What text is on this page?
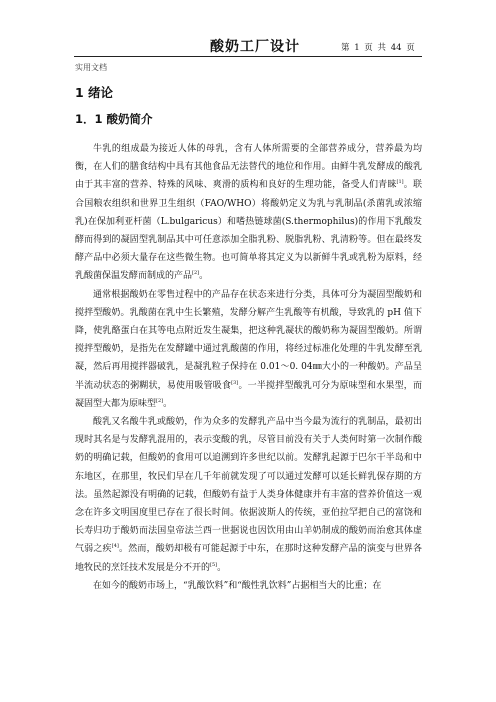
酸奶工厂设计	第 1 页 共 44 页
实用文档
1 绪论
1．1 酸奶简介

牛乳的组成最为接近人体的母乳，含有人体所需要的全部营养成分，营养最为均衡，在人们的膳食结构中具有其他食品无法替代的地位和作用。由鲜牛乳发酵成的酸乳由于其丰富的营养、特殊的风味、爽滑的质构和良好的生理功能，备受人们青睐[1]。联合国粮农组织和世界卫生组织（FAO/WHO）将酸奶定义为乳与乳制品(杀菌乳或浓缩乳)在保加利亚杆菌（L.bulgaricus）和嗜热链球菌(S.thermophilus)的作用下乳酸发酵而得到的凝固型乳制品其中可任意添加全脂乳粉、脱脂乳粉、乳清粉等。但在最终发酵产品中必须大量存在这些微生物。也可简单将其定义为以新鲜牛乳或乳粉为原料，经乳酸菌保温发酵而制成的产品[2]。

通常根据酸奶在零售过程中的产品存在状态来进行分类，具体可分为凝固型酸奶和搅拌型酸奶。乳酸菌在乳中生长繁殖，发酵分解产生乳酸等有机酸，导致乳的 pH 值下降，使乳酪蛋白在其等电点附近发生凝集，把这种乳凝状的酸奶称为凝固型酸奶。所谓搅拌型酸奶，是指先在发酵罐中通过乳酸菌的作用，将经过标准化处理的牛乳发酵至乳凝，然后再用搅拌器破乳，是凝乳粒子保持在 0.01～0. 04㎜大小的一种酸奶。产品呈半流动状态的粥糊状，易使用吸管吸食[3]。一半搅拌型酸乳可分为原味型和水果型，而凝固型大都为原味型[2]。

酸乳又名酸牛乳或酸奶，作为众多的发酵乳产品中当今最为流行的乳制品，最初出现时其名是与发酵乳混用的，表示变酸的乳，尽管目前没有关于人类何时第一次制作酸奶的明确记载，但酸奶的食用可以追溯到许多世纪以前。发酵乳起源于巴尔干半岛和中东地区，在那里，牧民们早在几千年前就发现了可以通过发酵可以延长鲜乳保存期的方法。虽然起源没有明确的记载，但酸奶有益于人类身体健康并有丰富的营养价值这一观念在许多文明国度里已存在了很长时间。依据波斯人的传统，亚伯拉罕把自己的富饶和长寿归功于酸奶而法国皇帝法兰西一世据说也因饮用由山羊奶制成的酸奶而治愈其体虚气弱之疾[4]。然而，酸奶却极有可能起源于中东，在那时这种发酵产品的演变与世界各地牧民的烹饪技术发展是分不开的[5]。

在如今的酸奶市场上，“乳酸饮料”和“酸性乳饮料”占据相当大的比重；在
